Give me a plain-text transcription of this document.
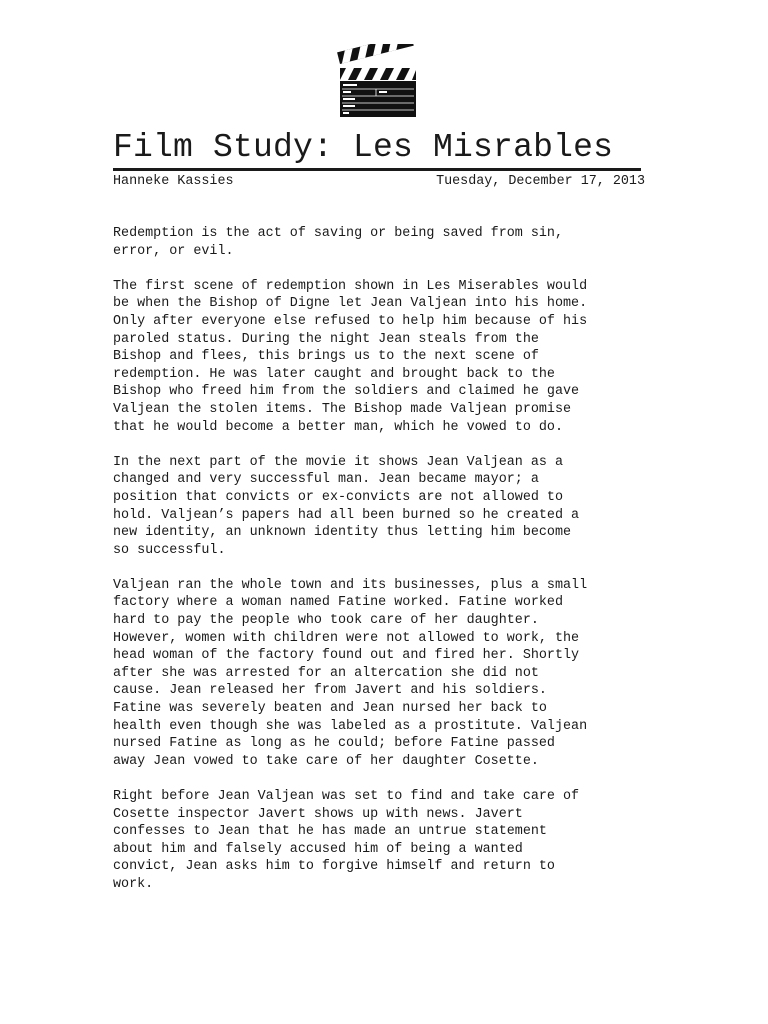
Film Study: Les Misrables
Hanneke Kassies	Tuesday, December 17, 2013

Redemption is the act of saving or being saved from sin,
error, or evil.

The first scene of redemption shown in Les Miserables would
be when the Bishop of Digne let Jean Valjean into his home.
Only after everyone else refused to help him because of his
paroled status. During the night Jean steals from the
Bishop and flees, this brings us to the next scene of
redemption. He was later caught and brought back to the
Bishop who freed him from the soldiers and claimed he gave
Valjean the stolen items. The Bishop made Valjean promise
that he would become a better man, which he vowed to do.

In the next part of the movie it shows Jean Valjean as a
changed and very successful man. Jean became mayor; a
position that convicts or ex-convicts are not allowed to
hold. Valjean’s papers had all been burned so he created a
new identity, an unknown identity thus letting him become
so successful.

Valjean ran the whole town and its businesses, plus a small
factory where a woman named Fatine worked. Fatine worked
hard to pay the people who took care of her daughter.
However, women with children were not allowed to work, the
head woman of the factory found out and fired her. Shortly
after she was arrested for an altercation she did not
cause. Jean released her from Javert and his soldiers.
Fatine was severely beaten and Jean nursed her back to
health even though she was labeled as a prostitute. Valjean
nursed Fatine as long as he could; before Fatine passed
away Jean vowed to take care of her daughter Cosette.

Right before Jean Valjean was set to find and take care of
Cosette inspector Javert shows up with news. Javert
confesses to Jean that he has made an untrue statement
about him and falsely accused him of being a wanted
convict, Jean asks him to forgive himself and return to
work.
